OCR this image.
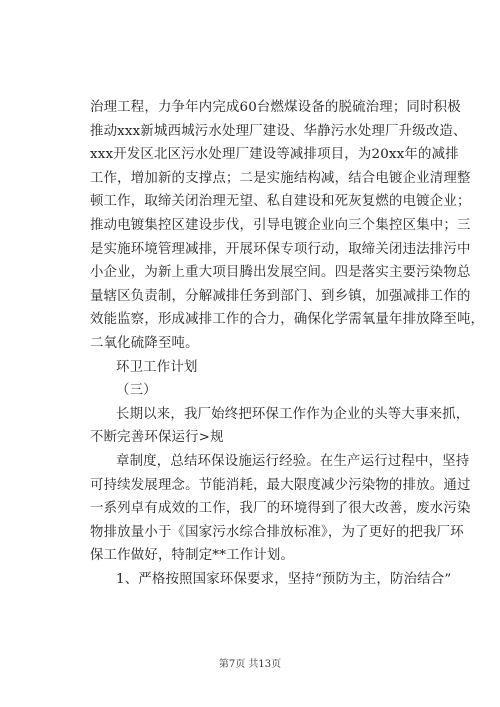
治理工程，力争年内完成60台燃煤设备的脱硫治理；同时积极
推动xxx新城西城污水处理厂建设、华静污水处理厂升级改造、
xxx开发区北区污水处理厂建设等减排项目，为20xx年的减排
工作，增加新的支撑点；二是实施结构减，结合电镀企业清理整
顿工作，取缔关闭治理无望、私自建设和死灰复燃的电镀企业；
推动电镀集控区建设步伐，引导电镀企业向三个集控区集中；三
是实施环境管理减排，开展环保专项行动，取缔关闭违法排污中
小企业，为新上重大项目腾出发展空间。四是落实主要污染物总
量辖区负责制，分解减排任务到部门、到乡镇，加强减排工作的
效能监察，形成减排工作的合力，确保化学需氧量年排放降至吨，
二氧化硫降至吨。
环卫工作计划
（三）
长期以来，我厂始终把环保工作作为企业的头等大事来抓，
不断完善环保运行>规
章制度，总结环保设施运行经验。在生产运行过程中，坚持
可持续发展理念。节能消耗，最大限度减少污染物的排放。通过
一系列卓有成效的工作，我厂的环境得到了很大改善，废水污染
物排放量小于《国家污水综合排放标准》，为了更好的把我厂环
保工作做好，特制定**工作计划。
1、严格按照国家环保要求，坚持“预防为主，防治结合”
第7页 共13页
